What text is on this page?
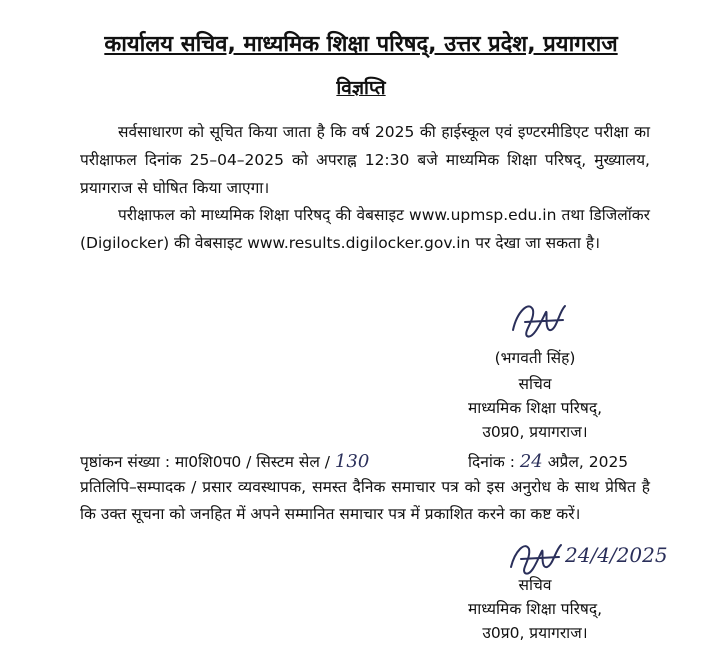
कार्यालय सचिव, माध्यमिक शिक्षा परिषद्, उत्तर प्रदेश, प्रयागराज
विज्ञप्ति
सर्वसाधारण को सूचित किया जाता है कि वर्ष 2025 की हाईस्कूल एवं इण्टरमीडिएट परीक्षा का परीक्षाफल दिनांक 25–04–2025 को अपराह्न 12:30 बजे माध्यमिक शिक्षा परिषद्, मुख्यालय, प्रयागराज से घोषित किया जाएगा।
परीक्षाफल को माध्यमिक शिक्षा परिषद् की वेबसाइट www.upmsp.edu.in तथा डिजिलॉकर (Digilocker) की वेबसाइट www.results.digilocker.gov.in पर देखा जा सकता है।
(भगवती सिंह)
सचिव
माध्यमिक शिक्षा परिषद्,
उ0प्र0, प्रयागराज।
पृष्ठांकन संख्या : मा0शि0प0 / सिस्टम सेल / 130	दिनांक : 24 अप्रैल, 2025
प्रतिलिपि–सम्पादक / प्रसार व्यवस्थापक, समस्त दैनिक समाचार पत्र को इस अनुरोध के साथ प्रेषित है कि उक्त सूचना को जनहित में अपने सम्मानित समाचार पत्र में प्रकाशित करने का कष्ट करें।
24/4/2025
सचिव
माध्यमिक शिक्षा परिषद्,
उ0प्र0, प्रयागराज।
